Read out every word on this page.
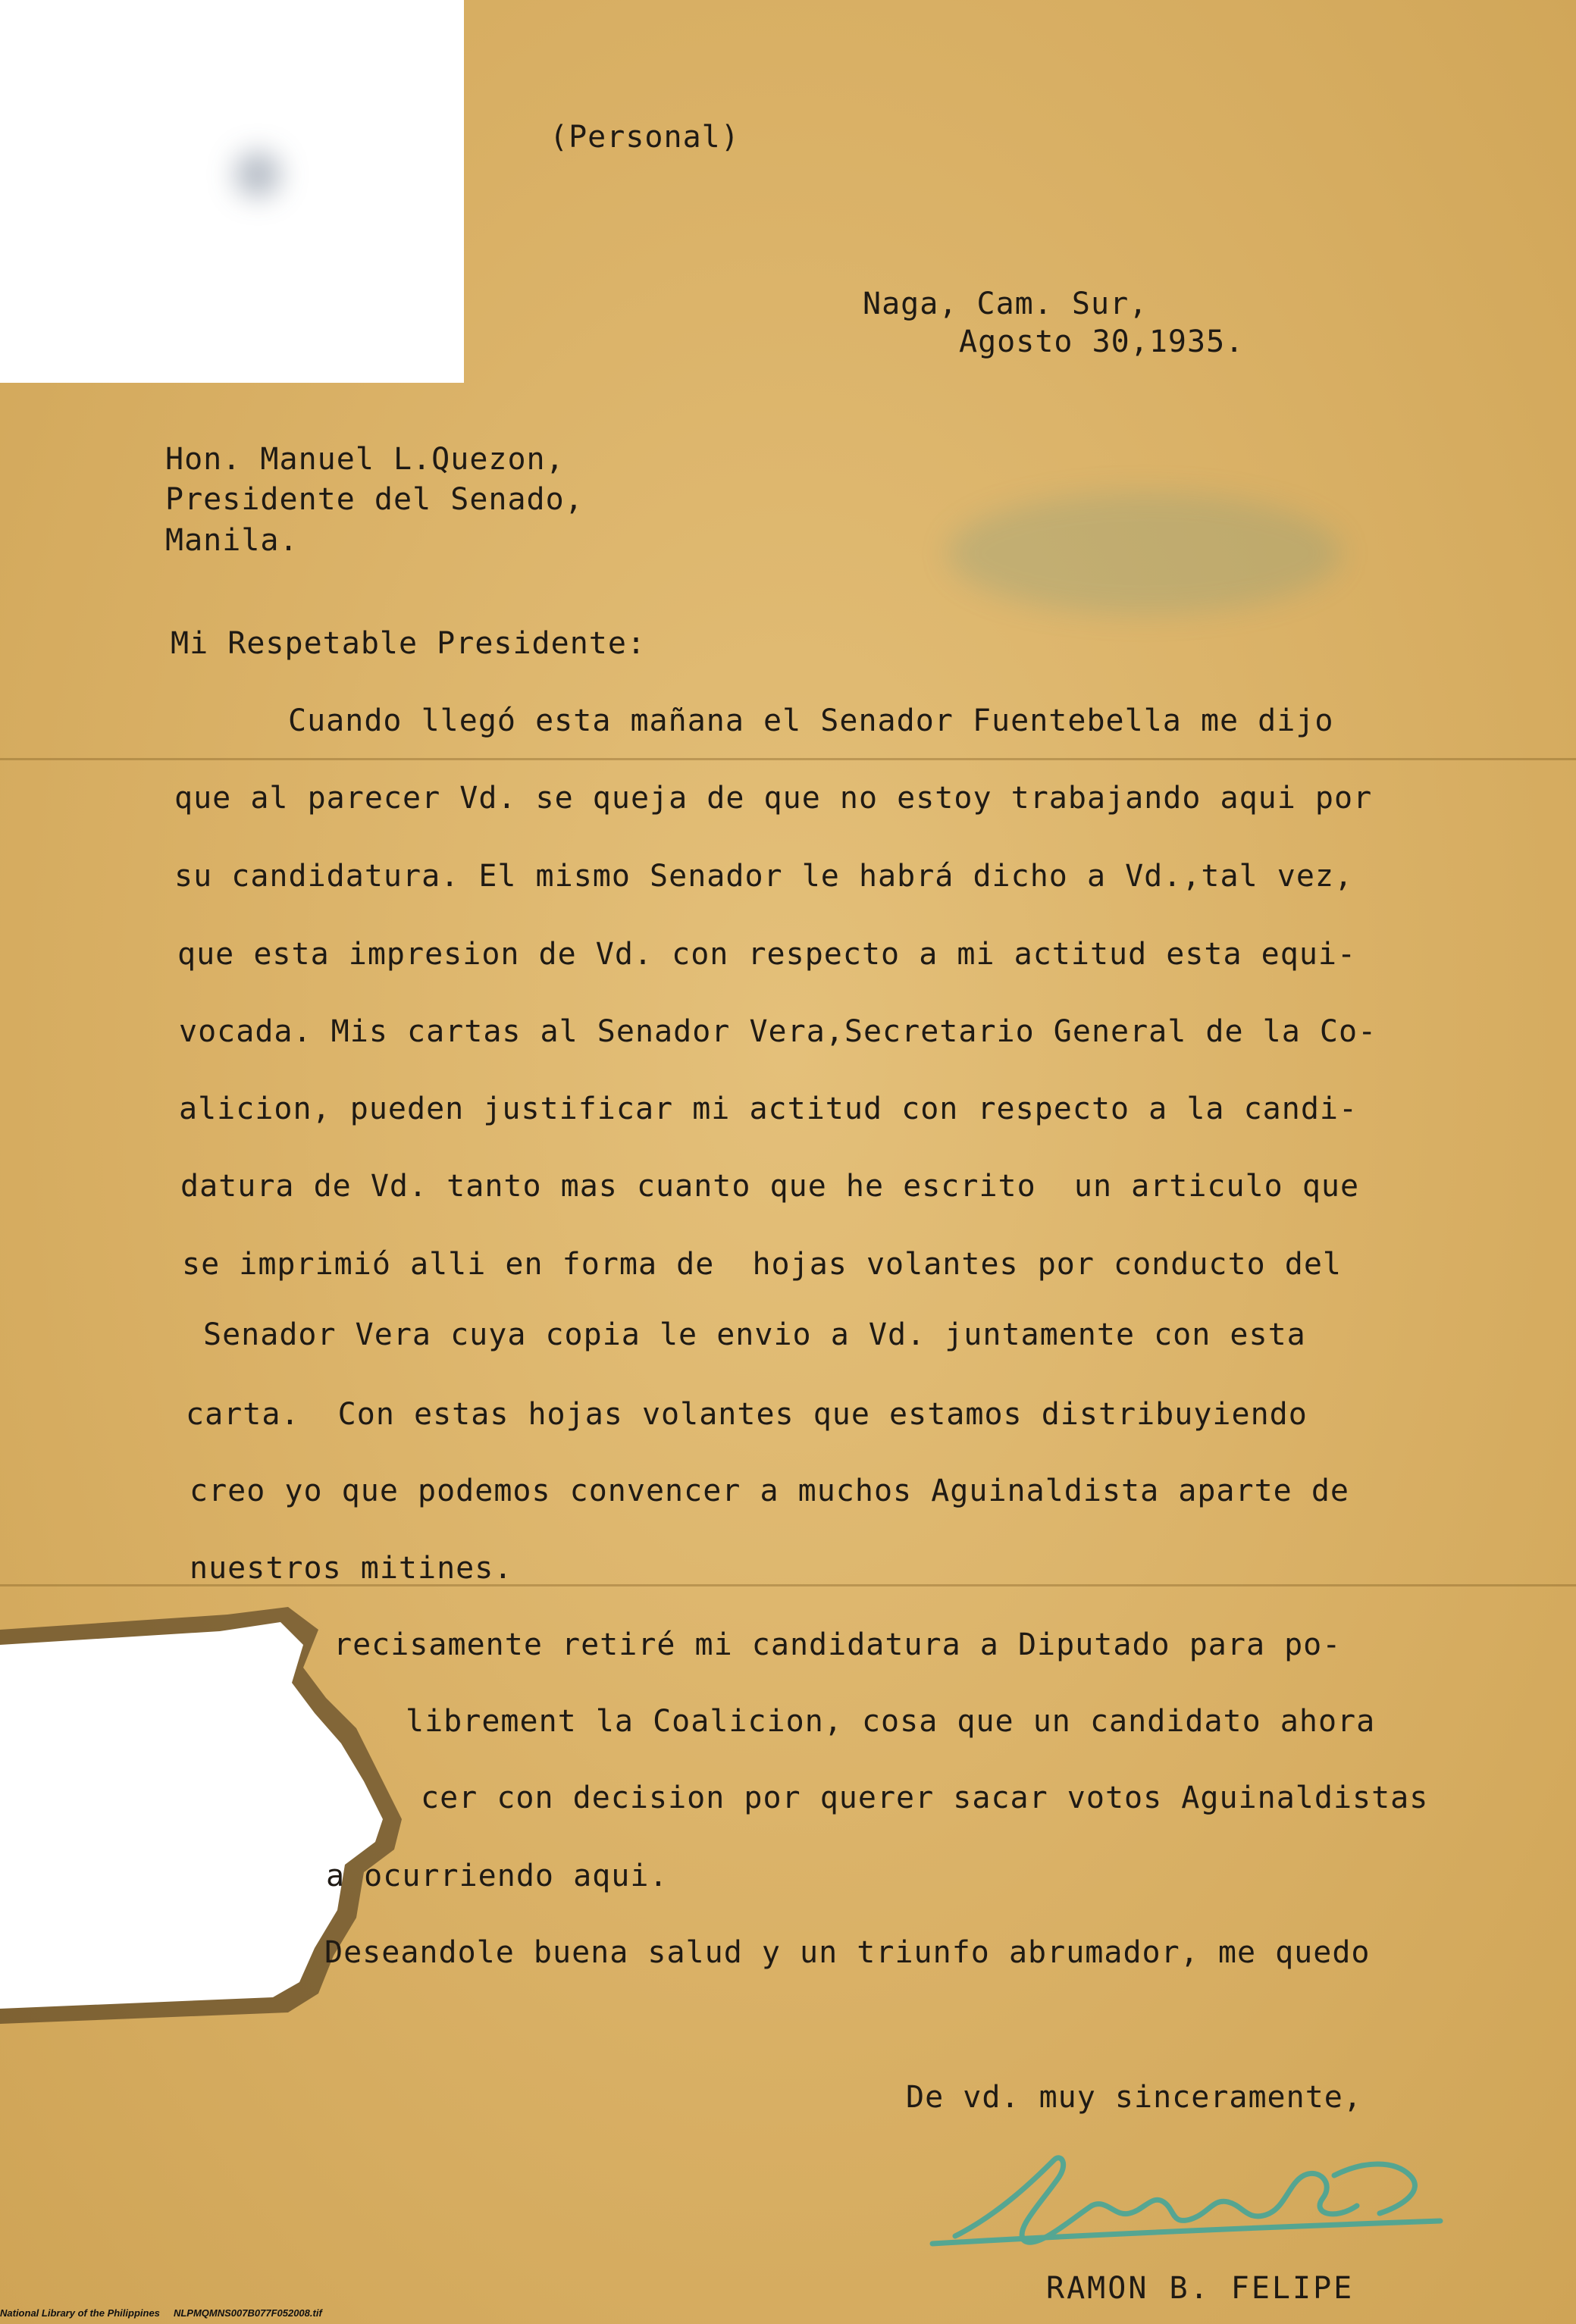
(Personal)
Naga, Cam. Sur,
Agosto 30,1935.
Hon. Manuel L.Quezon,
Presidente del Senado,
Manila.
Mi Respetable Presidente:
Cuando llegó esta mañana el Senador Fuentebella me dijo
que al parecer Vd. se queja de que no estoy trabajando aqui por
su candidatura. El mismo Senador le habrá dicho a Vd.,tal vez,
que esta impresion de Vd. con respecto a mi actitud esta equi-
vocada. Mis cartas al Senador Vera,Secretario General de la Co-
alicion, pueden justificar mi actitud con respecto a la candi-
datura de Vd. tanto mas cuanto que he escrito  un articulo que
se imprimió alli en forma de  hojas volantes por conducto del
Senador Vera cuya copia le envio a Vd. juntamente con esta
carta.  Con estas hojas volantes que estamos distribuyiendo
creo yo que podemos convencer a muchos Aguinaldista aparte de
nuestros mitines.
recisamente retiré mi candidatura a Diputado para po-
librement la Coalicion, cosa que un candidato ahora
cer con decision por querer sacar votos Aguinaldistas
a ocurriendo aqui.
Deseandole buena salud y un triunfo abrumador, me quedo
De vd. muy sinceramente,
RAMON B. FELIPE
National Library of the Philippines     NLPMQMNS007B077F052008.tif
